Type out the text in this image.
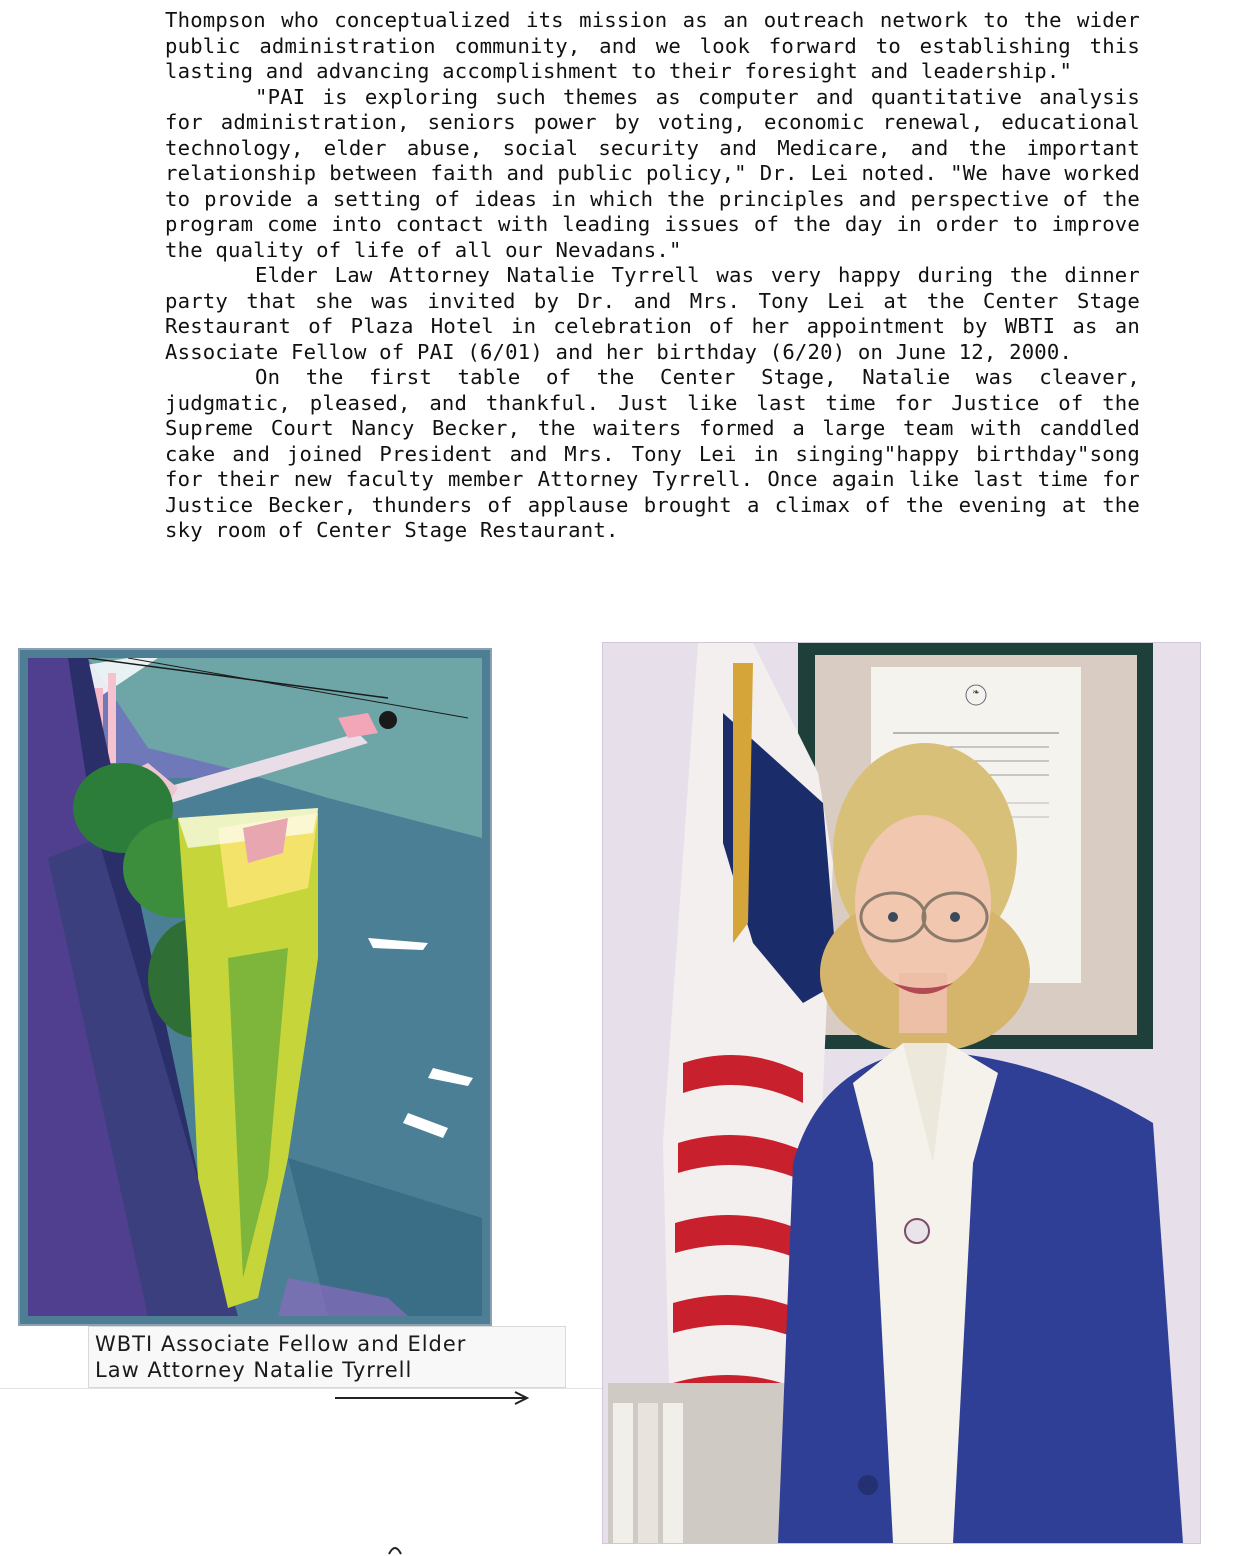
Thompson who conceptualized its mission as an outreach network to the wider public administration community, and we look forward to establishing this lasting and advancing accomplishment to their foresight and leadership."

"PAI is exploring such themes as computer and quantitative analysis for administration, seniors power by voting, economic renewal, educational technology, elder abuse, social security and Medicare, and the important relationship between faith and public policy," Dr. Lei noted. "We have worked to provide a setting of ideas in which the principles and perspective of the program come into contact with leading issues of the day in order to improve the quality of life of all our Nevadans."

Elder Law Attorney Natalie Tyrrell was very happy during the dinner party that she was invited by Dr. and Mrs. Tony Lei at the Center Stage Restaurant of Plaza Hotel in celebration of her appointment by WBTI as an Associate Fellow of PAI (6/01) and her birthday (6/20) on June 12, 2000.

On the first table of the Center Stage, Natalie was cleaver, judgmatic, pleased, and thankful. Just like last time for Justice of the Supreme Court Nancy Becker, the waiters formed a large team with canddled cake and joined President and Mrs. Tony Lei in singing"happy birthday"song for their new faculty member Attorney Tyrrell. Once again like last time for Justice Becker, thunders of applause brought a climax of the evening at the sky room of Center Stage Restaurant.

WBTI Associate Fellow and Elder
Law Attorney Natalie Tyrrell
❧
